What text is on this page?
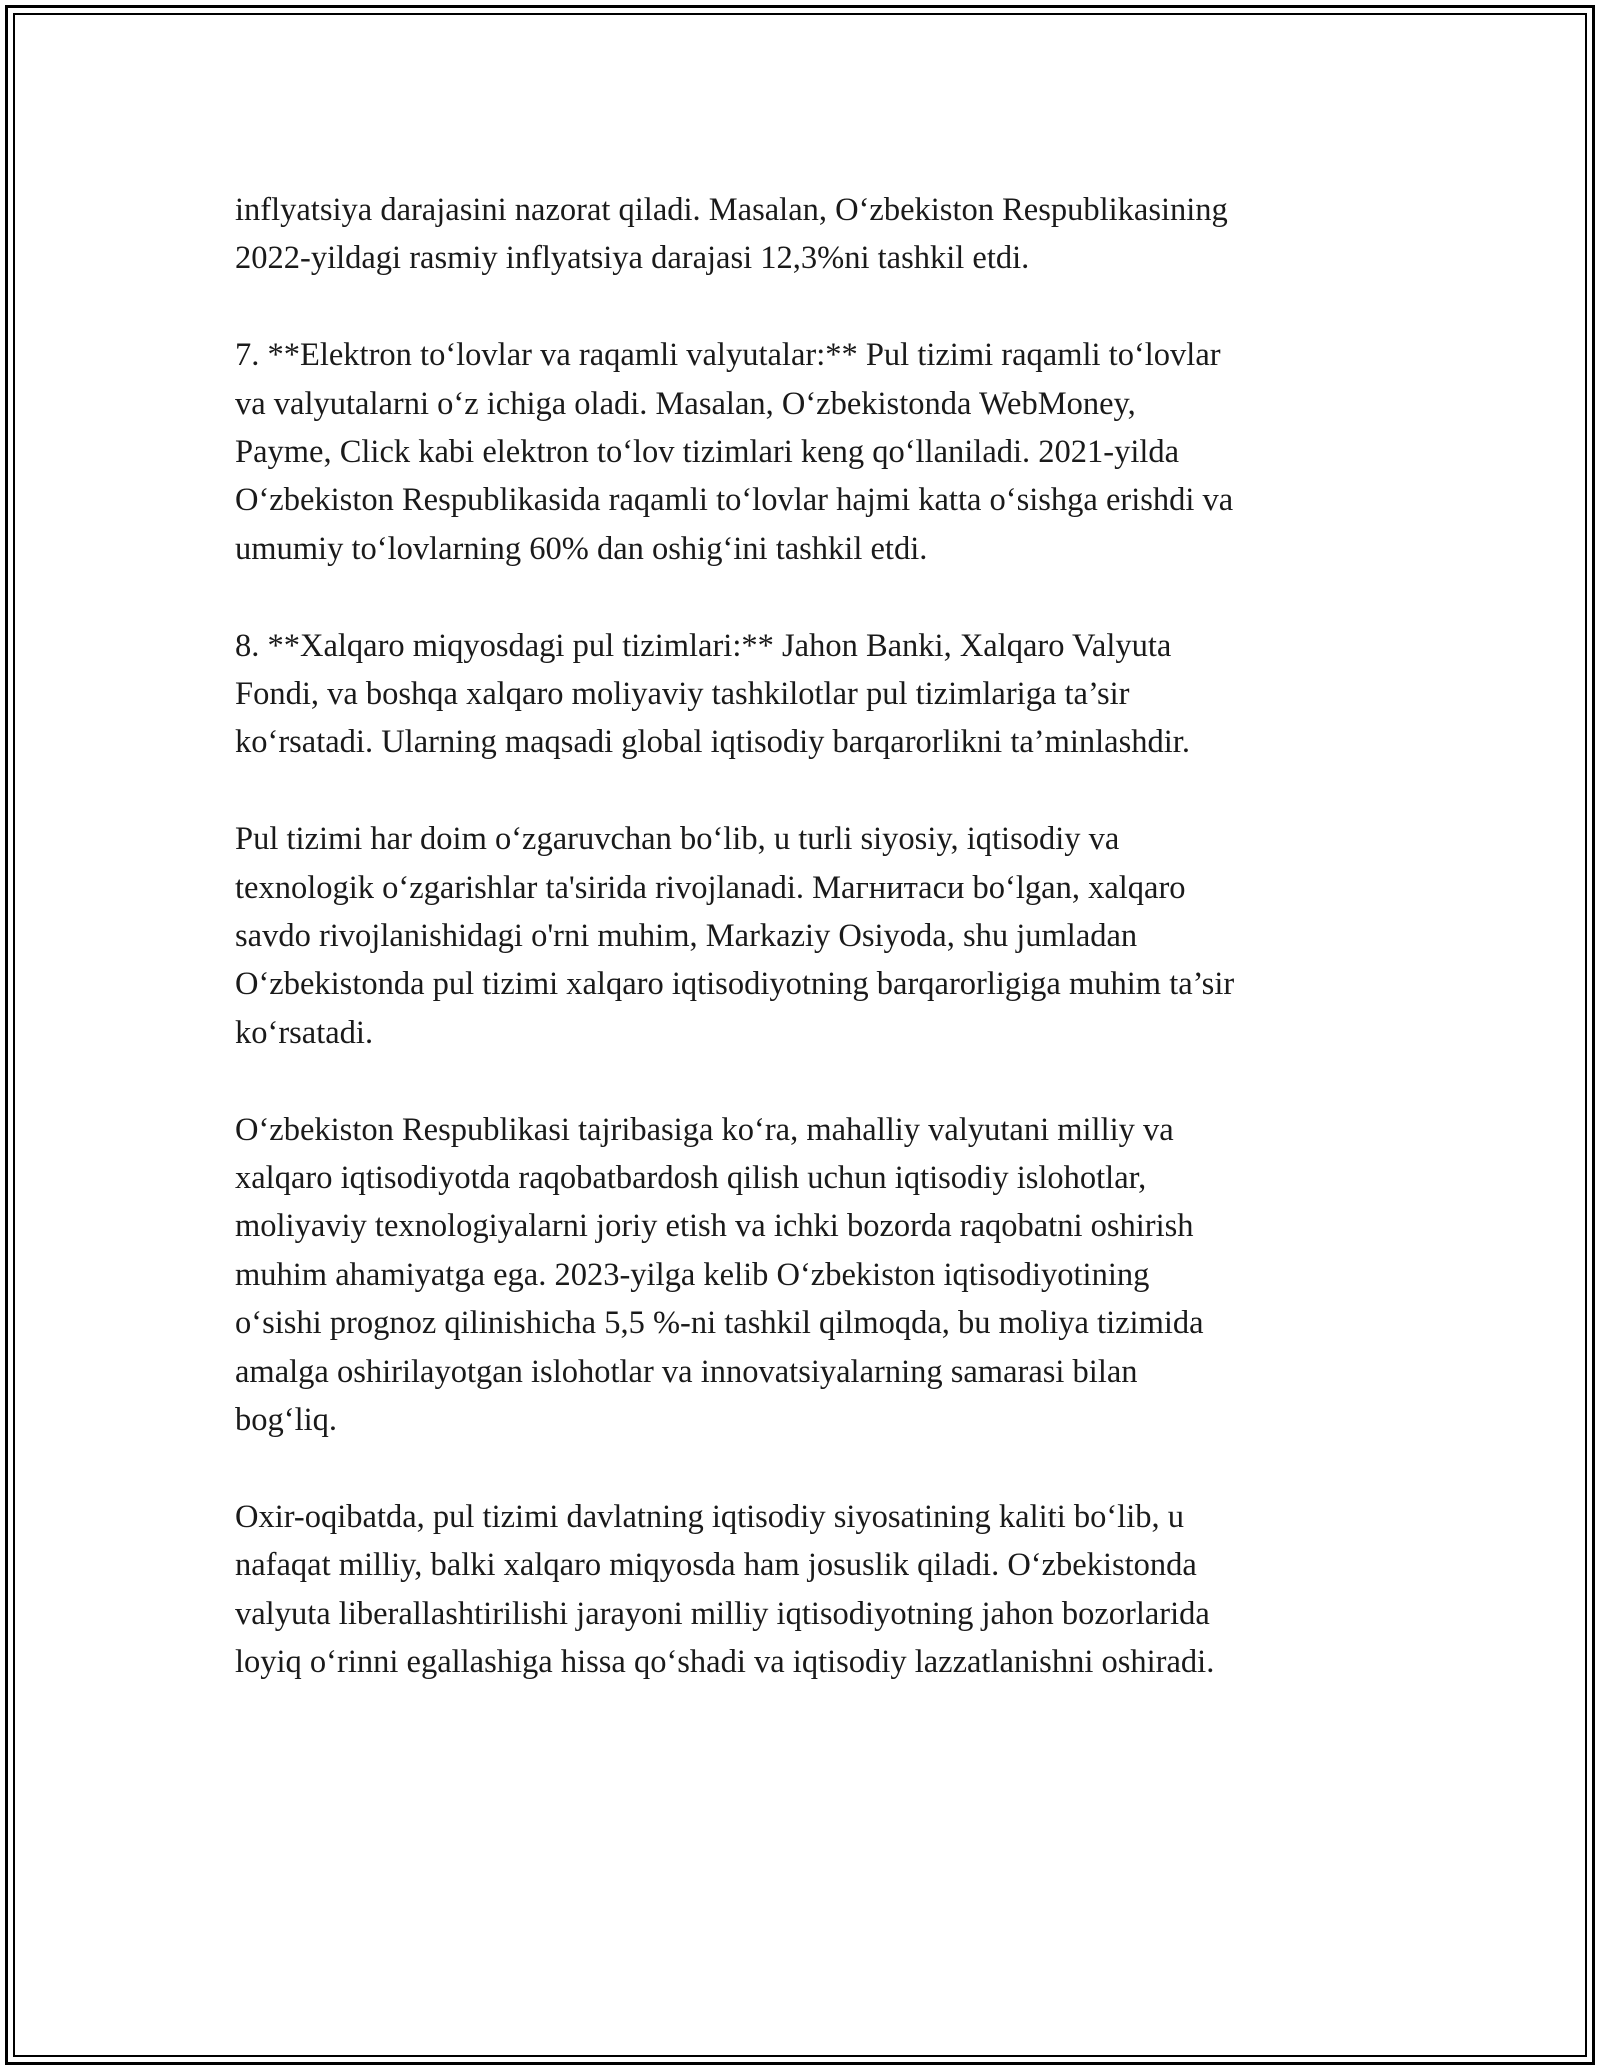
inflyatsiya darajasini nazorat qiladi. Masalan, O‘zbekiston Respublikasining
2022-yildagi rasmiy inflyatsiya darajasi 12,3%ni tashkil etdi.

7. **Elektron to‘lovlar va raqamli valyutalar:** Pul tizimi raqamli to‘lovlar
va valyutalarni o‘z ichiga oladi. Masalan, O‘zbekistonda WebMoney,
Payme, Click kabi elektron to‘lov tizimlari keng qo‘llaniladi. 2021-yilda
O‘zbekiston Respublikasida raqamli to‘lovlar hajmi katta o‘sishga erishdi va
umumiy to‘lovlarning 60% dan oshig‘ini tashkil etdi.

8. **Xalqaro miqyosdagi pul tizimlari:** Jahon Banki, Xalqaro Valyuta
Fondi, va boshqa xalqaro moliyaviy tashkilotlar pul tizimlariga ta’sir
ko‘rsatadi. Ularning maqsadi global iqtisodiy barqarorlikni ta’minlashdir.

Pul tizimi har doim o‘zgaruvchan bo‘lib, u turli siyosiy, iqtisodiy va
texnologik o‘zgarishlar ta'sirida rivojlanadi. Магнитаси bo‘lgan, xalqaro
savdo rivojlanishidagi o'rni muhim, Markaziy Osiyoda, shu jumladan
O‘zbekistonda pul tizimi xalqaro iqtisodiyotning barqarorligiga muhim ta’sir
ko‘rsatadi.

O‘zbekiston Respublikasi tajribasiga ko‘ra, mahalliy valyutani milliy va
xalqaro iqtisodiyotda raqobatbardosh qilish uchun iqtisodiy islohotlar,
moliyaviy texnologiyalarni joriy etish va ichki bozorda raqobatni oshirish
muhim ahamiyatga ega. 2023-yilga kelib O‘zbekiston iqtisodiyotining
o‘sishi prognoz qilinishicha 5,5 %-ni tashkil qilmoqda, bu moliya tizimida
amalga oshirilayotgan islohotlar va innovatsiyalarning samarasi bilan
bog‘liq.

Oxir-oqibatda, pul tizimi davlatning iqtisodiy siyosatining kaliti bo‘lib, u
nafaqat milliy, balki xalqaro miqyosda ham josuslik qiladi. O‘zbekistonda
valyuta liberallashtirilishi jarayoni milliy iqtisodiyotning jahon bozorlarida
loyiq o‘rinni egallashiga hissa qo‘shadi va iqtisodiy lazzatlanishni oshiradi.
